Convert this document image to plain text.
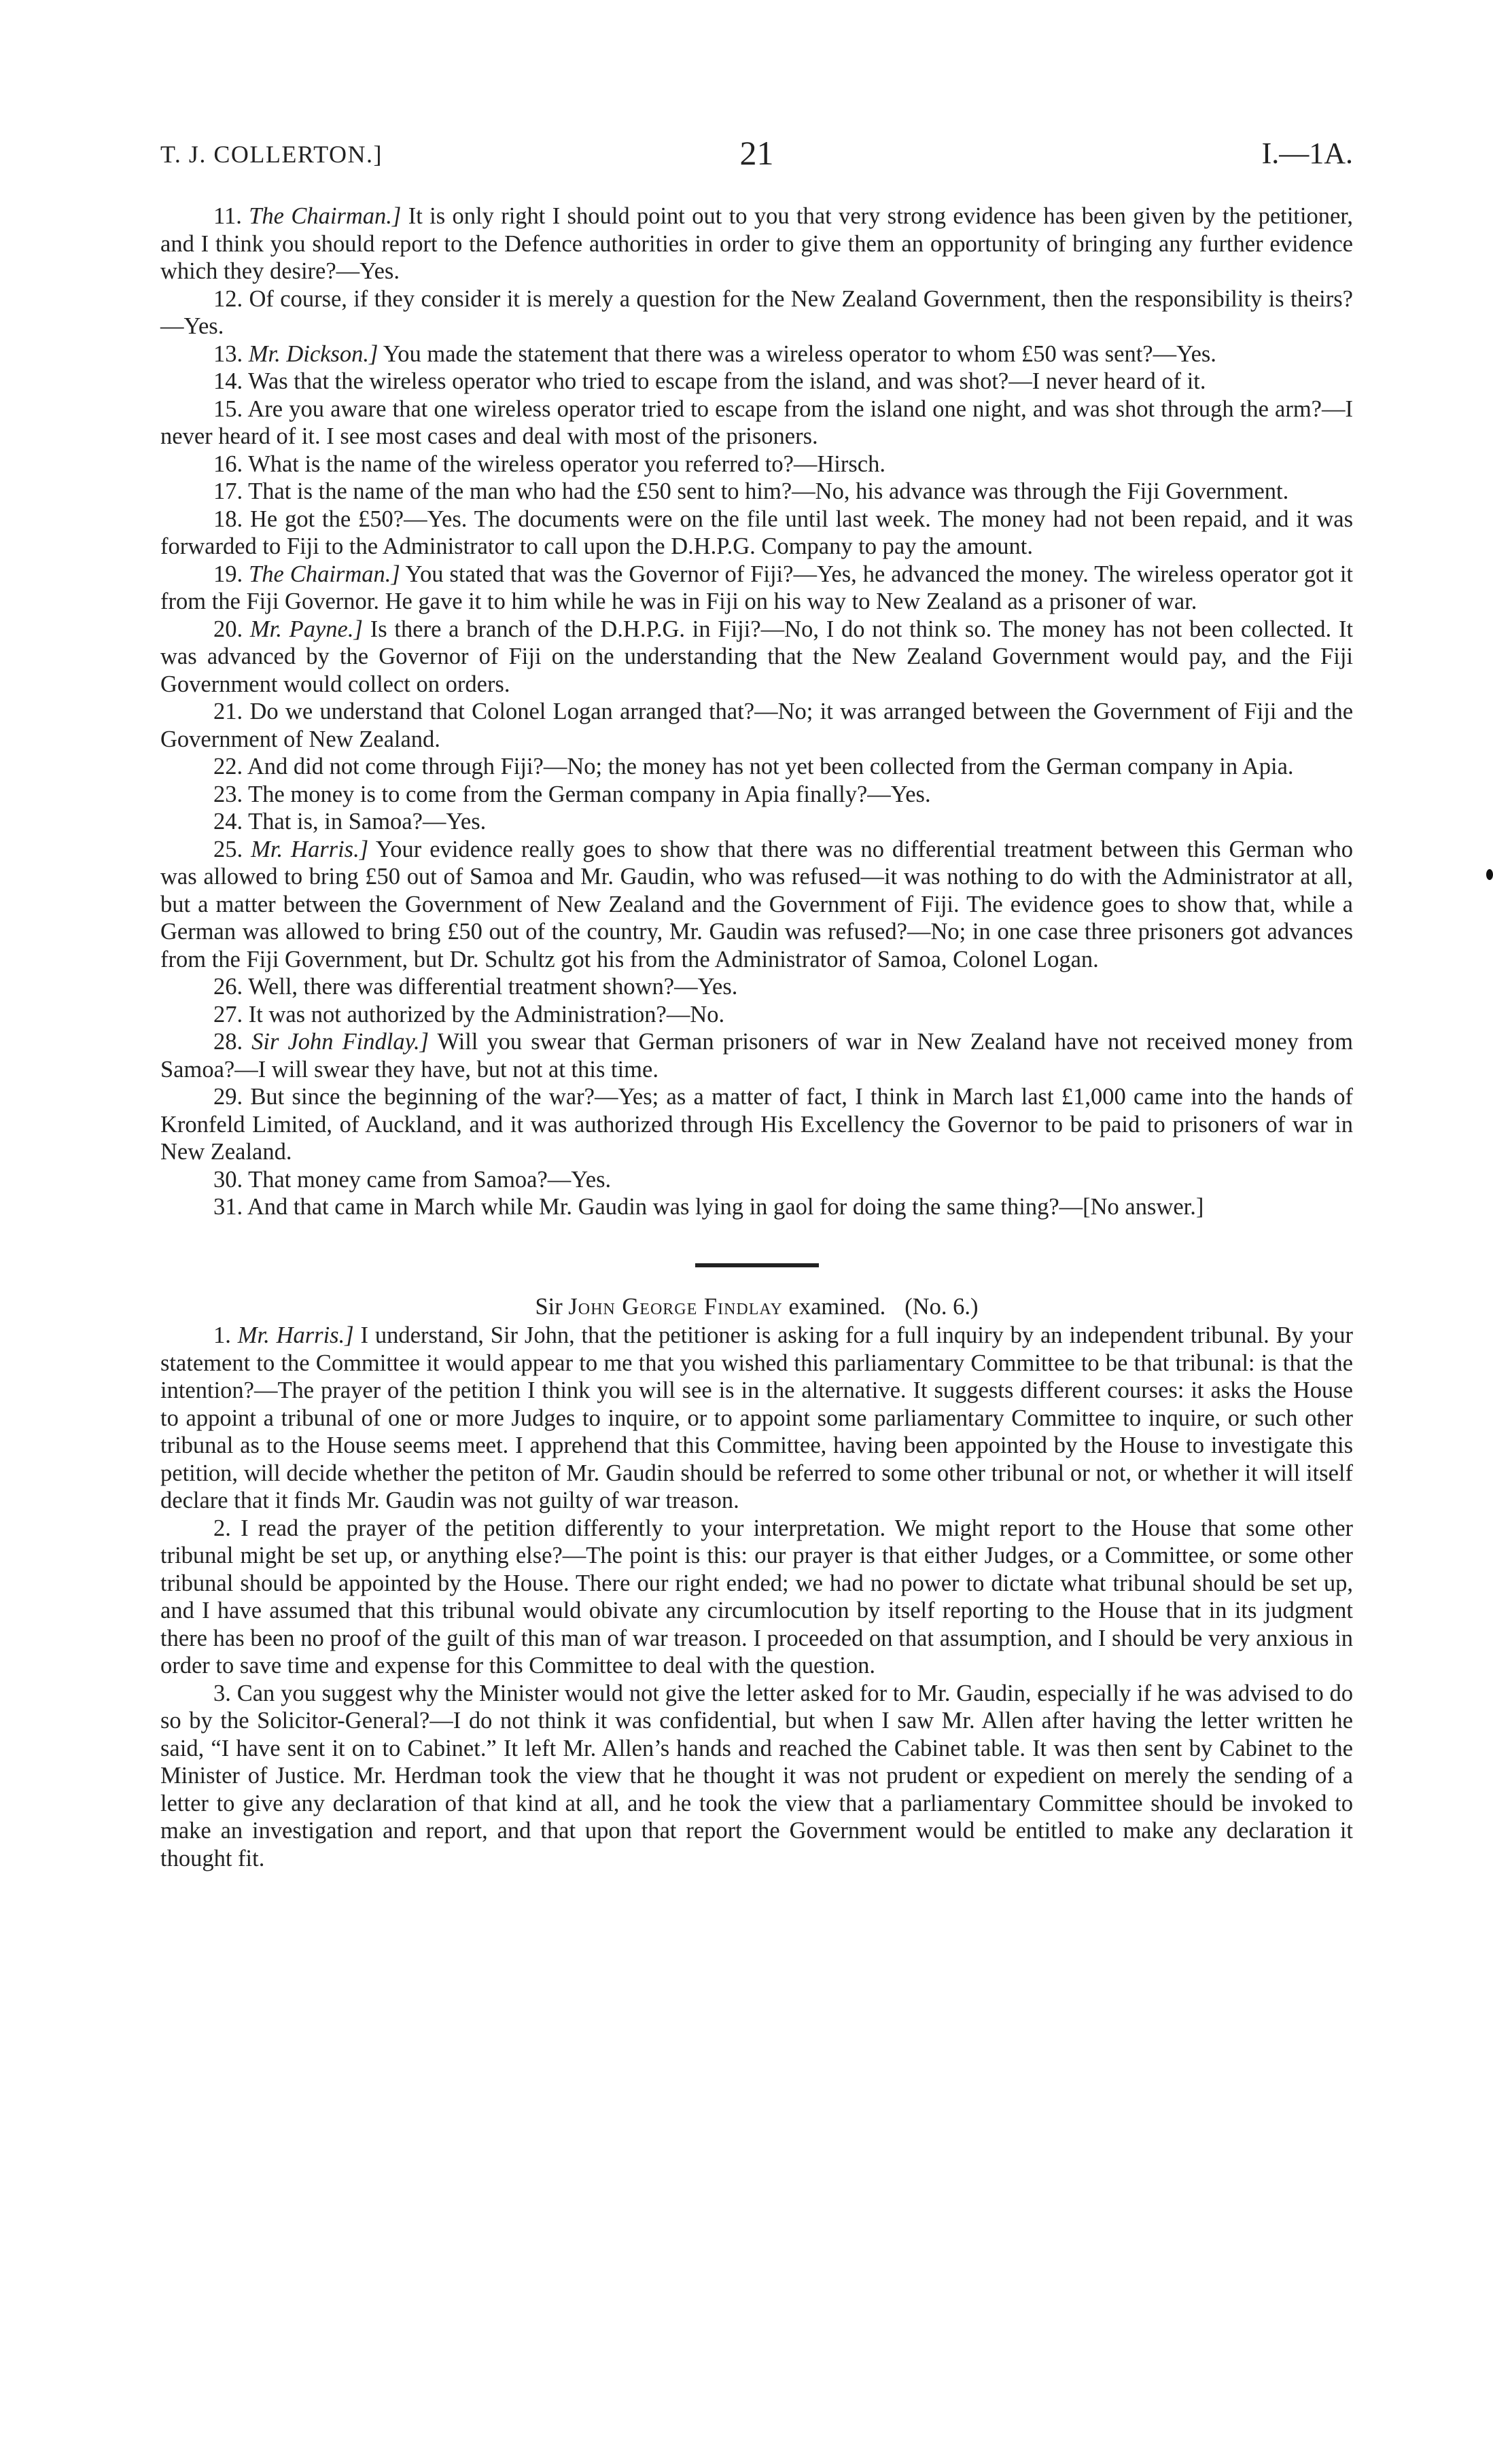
T. J. COLLERTON.]	21	I.—1A.

11. The Chairman.] It is only right I should point out to you that very strong evidence has been given by the petitioner, and I think you should report to the Defence authorities in order to give them an opportunity of bringing any further evidence which they desire?—Yes.

12. Of course, if they consider it is merely a question for the New Zealand Government, then the responsibility is theirs?—Yes.

13. Mr. Dickson.] You made the statement that there was a wireless operator to whom £50 was sent?—Yes.

14. Was that the wireless operator who tried to escape from the island, and was shot?—I never heard of it.

15. Are you aware that one wireless operator tried to escape from the island one night, and was shot through the arm?—I never heard of it. I see most cases and deal with most of the prisoners.

16. What is the name of the wireless operator you referred to?—Hirsch.

17. That is the name of the man who had the £50 sent to him?—No, his advance was through the Fiji Government.

18. He got the £50?—Yes. The documents were on the file until last week. The money had not been repaid, and it was forwarded to Fiji to the Administrator to call upon the D.H.P.G. Company to pay the amount.

19. The Chairman.] You stated that was the Governor of Fiji?—Yes, he advanced the money. The wireless operator got it from the Fiji Governor. He gave it to him while he was in Fiji on his way to New Zealand as a prisoner of war.

20. Mr. Payne.] Is there a branch of the D.H.P.G. in Fiji?—No, I do not think so. The money has not been collected. It was advanced by the Governor of Fiji on the understanding that the New Zealand Government would pay, and the Fiji Government would collect on orders.

21. Do we understand that Colonel Logan arranged that?—No; it was arranged between the Government of Fiji and the Government of New Zealand.

22. And did not come through Fiji?—No; the money has not yet been collected from the German company in Apia.

23. The money is to come from the German company in Apia finally?—Yes.

24. That is, in Samoa?—Yes.

25. Mr. Harris.] Your evidence really goes to show that there was no differential treatment between this German who was allowed to bring £50 out of Samoa and Mr. Gaudin, who was refused—it was nothing to do with the Administrator at all, but a matter between the Government of New Zealand and the Government of Fiji. The evidence goes to show that, while a German was allowed to bring £50 out of the country, Mr. Gaudin was refused?—No; in one case three prisoners got advances from the Fiji Government, but Dr. Schultz got his from the Administrator of Samoa, Colonel Logan.

26. Well, there was differential treatment shown?—Yes.

27. It was not authorized by the Administration?—No.

28. Sir John Findlay.] Will you swear that German prisoners of war in New Zealand have not received money from Samoa?—I will swear they have, but not at this time.

29. But since the beginning of the war?—Yes; as a matter of fact, I think in March last £1,000 came into the hands of Kronfeld Limited, of Auckland, and it was authorized through His Excellency the Governor to be paid to prisoners of war in New Zealand.

30. That money came from Samoa?—Yes.

31. And that came in March while Mr. Gaudin was lying in gaol for doing the same thing?—[No answer.]

Sir John George Findlay examined. (No. 6.)

1. Mr. Harris.] I understand, Sir John, that the petitioner is asking for a full inquiry by an independent tribunal. By your statement to the Committee it would appear to me that you wished this parliamentary Committee to be that tribunal: is that the intention?—The prayer of the petition I think you will see is in the alternative. It suggests different courses: it asks the House to appoint a tribunal of one or more Judges to inquire, or to appoint some parliamentary Committee to inquire, or such other tribunal as to the House seems meet. I apprehend that this Committee, having been appointed by the House to investigate this petition, will decide whether the petiton of Mr. Gaudin should be referred to some other tribunal or not, or whether it will itself declare that it finds Mr. Gaudin was not guilty of war treason.

2. I read the prayer of the petition differently to your interpretation. We might report to the House that some other tribunal might be set up, or anything else?—The point is this: our prayer is that either Judges, or a Committee, or some other tribunal should be appointed by the House. There our right ended; we had no power to dictate what tribunal should be set up, and I have assumed that this tribunal would obivate any circumlocution by itself reporting to the House that in its judgment there has been no proof of the guilt of this man of war treason. I proceeded on that assumption, and I should be very anxious in order to save time and expense for this Committee to deal with the question.

3. Can you suggest why the Minister would not give the letter asked for to Mr. Gaudin, especially if he was advised to do so by the Solicitor-General?—I do not think it was confidential, but when I saw Mr. Allen after having the letter written he said, “I have sent it on to Cabinet.” It left Mr. Allen’s hands and reached the Cabinet table. It was then sent by Cabinet to the Minister of Justice. Mr. Herdman took the view that he thought it was not prudent or expedient on merely the sending of a letter to give any declaration of that kind at all, and he took the view that a parliamentary Committee should be invoked to make an investigation and report, and that upon that report the Government would be entitled to make any declaration it thought fit.
